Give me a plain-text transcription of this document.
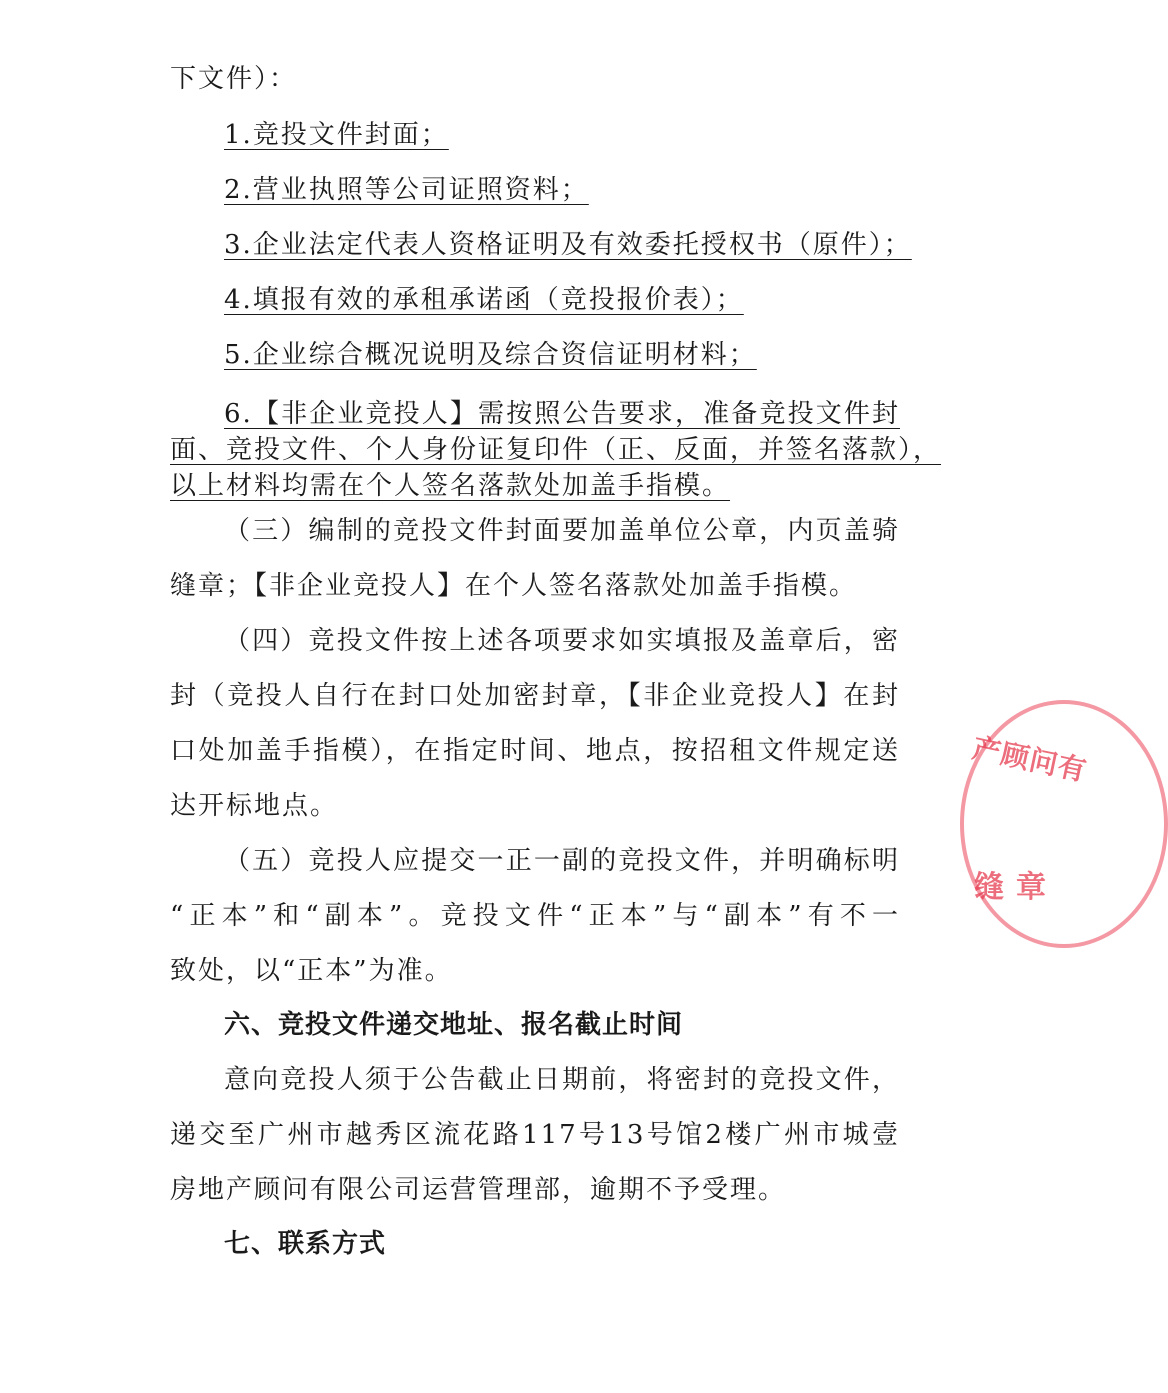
下文件）：
1.竞投文件封面；
2.营业执照等公司证照资料；
3.企业法定代表人资格证明及有效委托授权书（原件）；
4.填报有效的承租承诺函（竞投报价表）；
5.企业综合概况说明及综合资信证明材料；
6.【非企业竞投人】需按照公告要求，准备竞投文件封
面、竞投文件、个人身份证复印件（正、反面，并签名落款），
以上材料均需在个人签名落款处加盖手指模。
（三）编制的竞投文件封面要加盖单位公章，内页盖骑
缝章；【非企业竞投人】在个人签名落款处加盖手指模。
（四）竞投文件按上述各项要求如实填报及盖章后，密
封（竞投人自行在封口处加密封章，【非企业竞投人】在封
口处加盖手指模），在指定时间、地点，按招租文件规定送
达开标地点。
（五）竞投人应提交一正一副的竞投文件，并明确标明
“正本”和“副本”。竞投文件“正本”与“副本”有不一
致处，以“正本”为准。
六、竞投文件递交地址、报名截止时间
意向竞投人须于公告截止日期前，将密封的竞投文件，
递交至广州市越秀区流花路117号13号馆2楼广州市城壹
房地产顾问有限公司运营管理部，逾期不予受理。
七、联系方式
产顾问有
缝章
